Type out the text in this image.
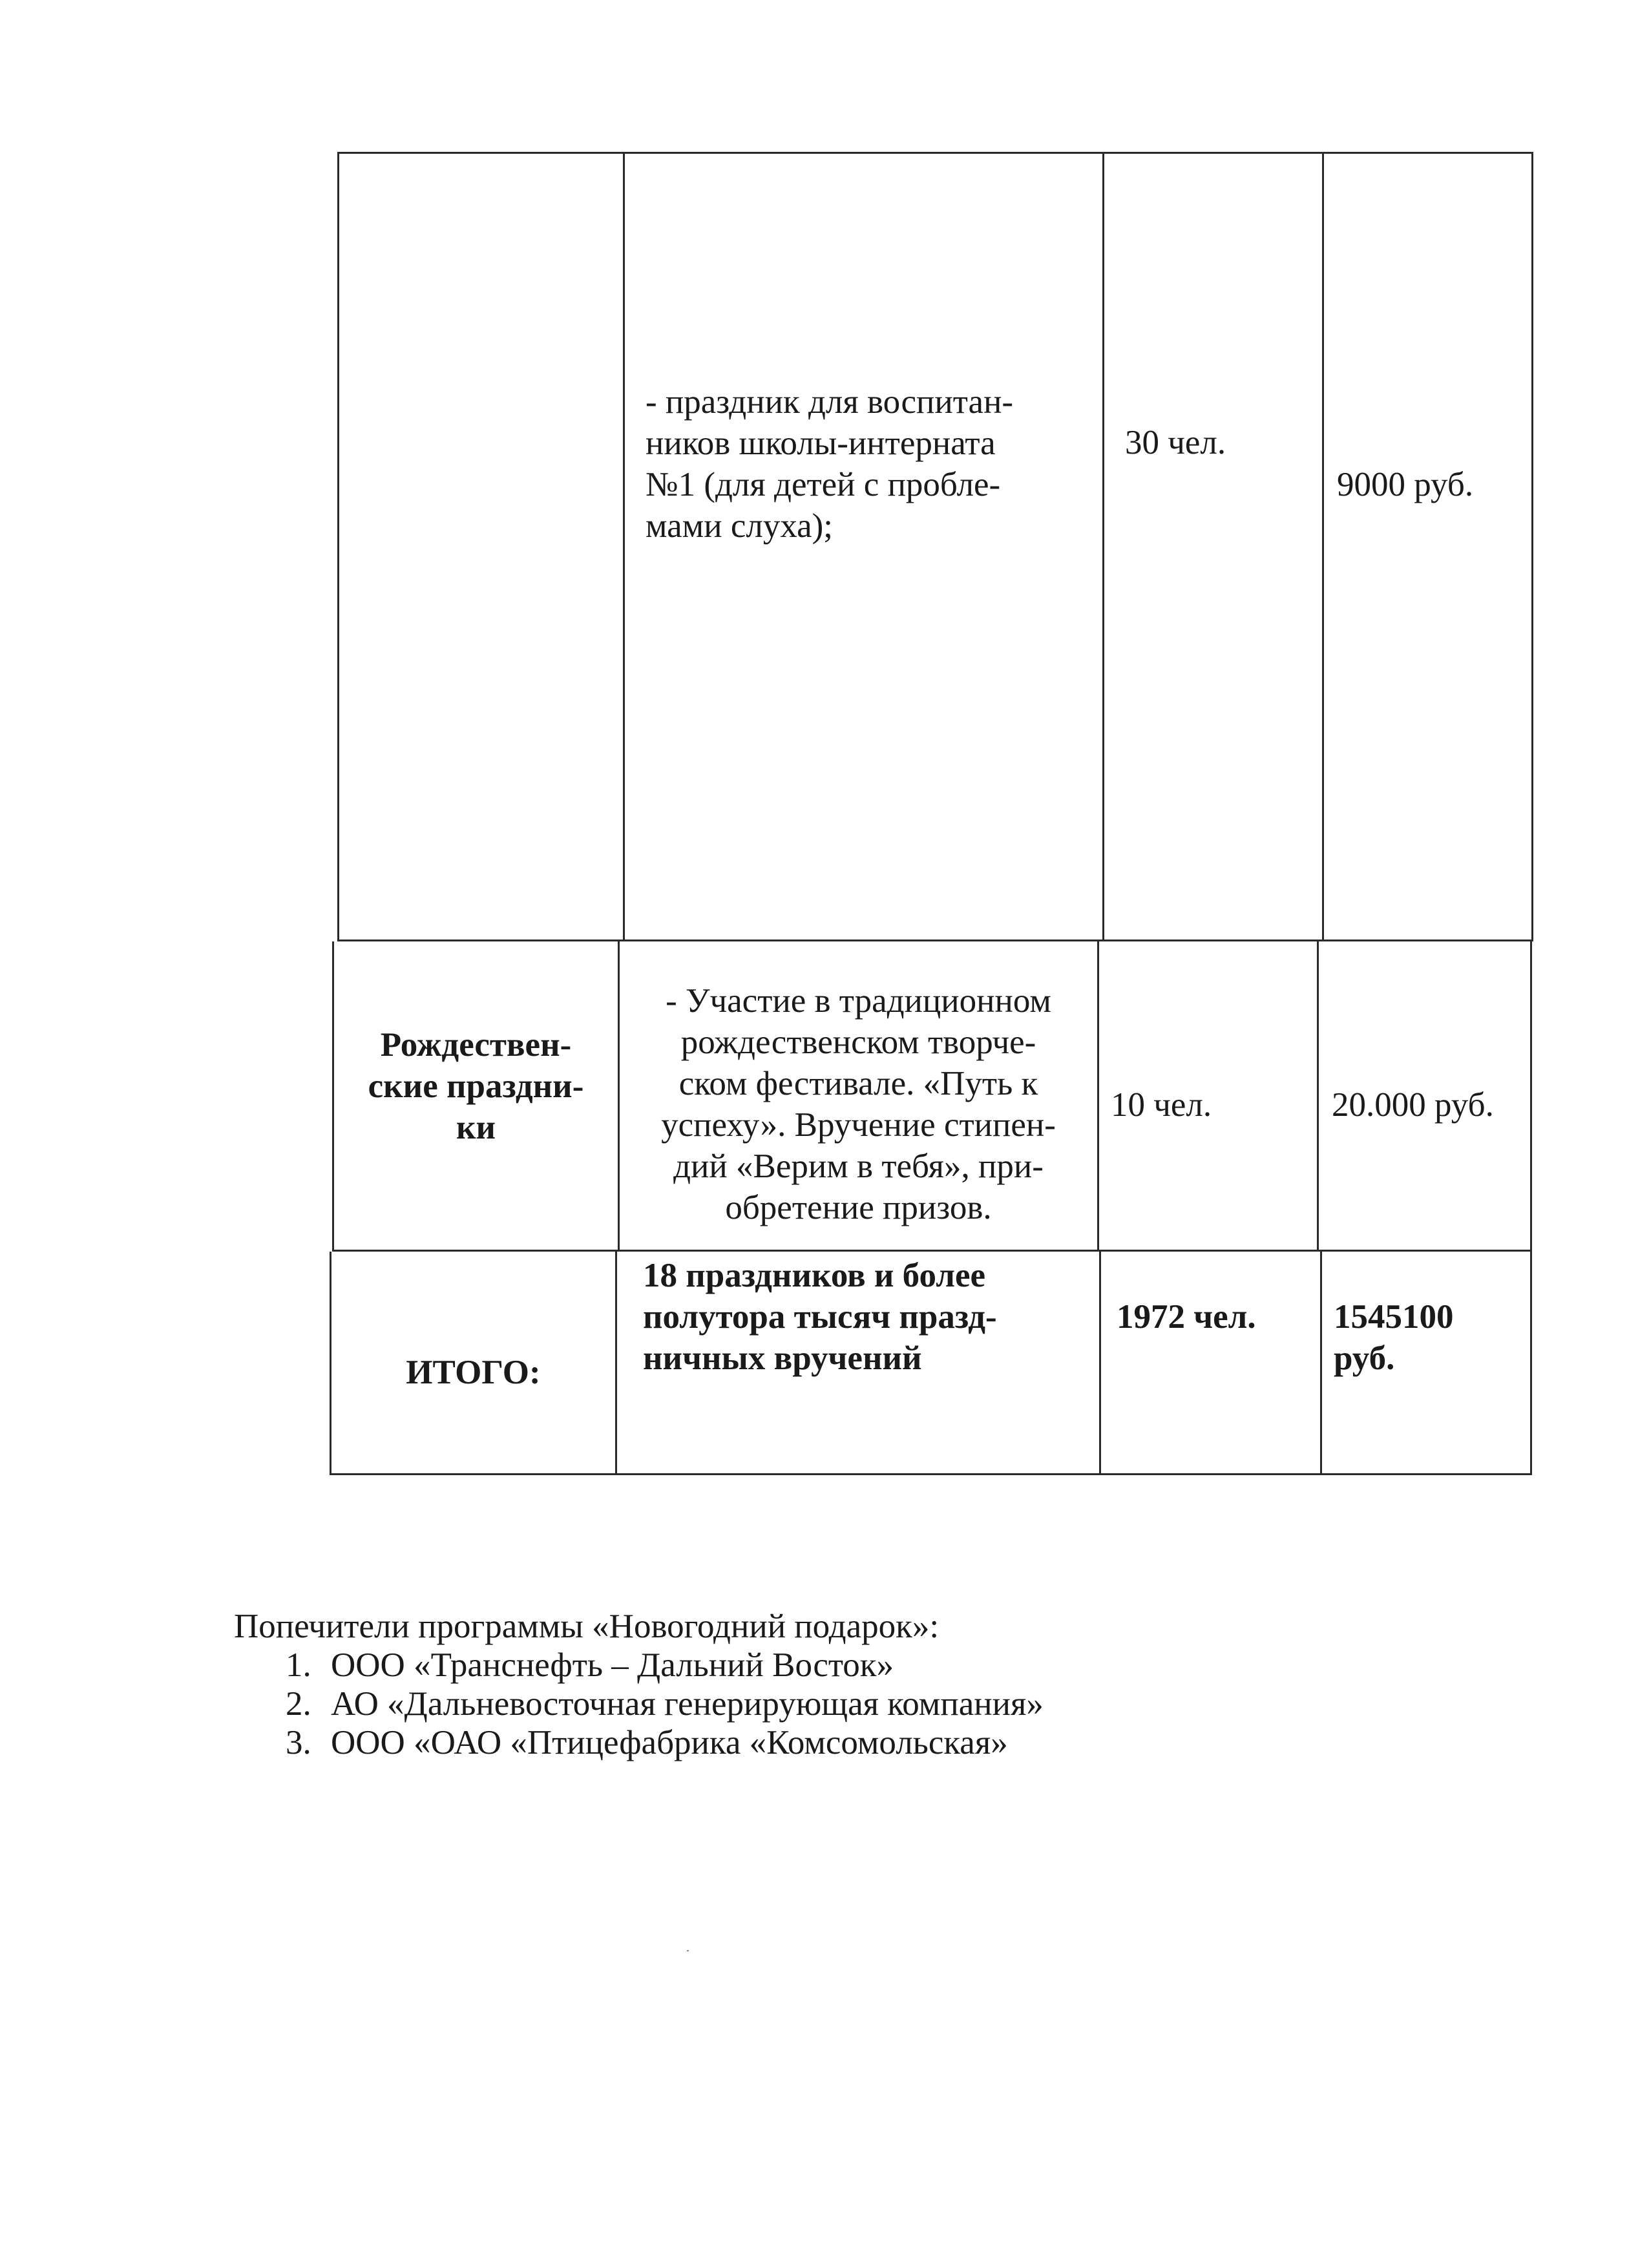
- праздник для воспитан-
ников школы-интерната
№1 (для детей с пробле-
мами слуха);
30 чел.
9000 руб.
Рождествен-
ские праздни-
ки
- Участие в традиционном
рождественском творче-
ском фестивале. «Путь к
успеху». Вручение стипен-
дий «Верим в тебя», при-
обретение призов.
10 чел.	20.000 руб.
ИТОГО:
18 праздников и более
полутора тысяч празд-
ничных вручений
1972 чел. 1545100
руб.
Попечители программы «Новогодний подарок»:
1. ООО «Транснефть – Дальний Восток»
2. АО «Дальневосточная генерирующая компания»
3. ООО «ОАО «Птицефабрика «Комсомольская»
